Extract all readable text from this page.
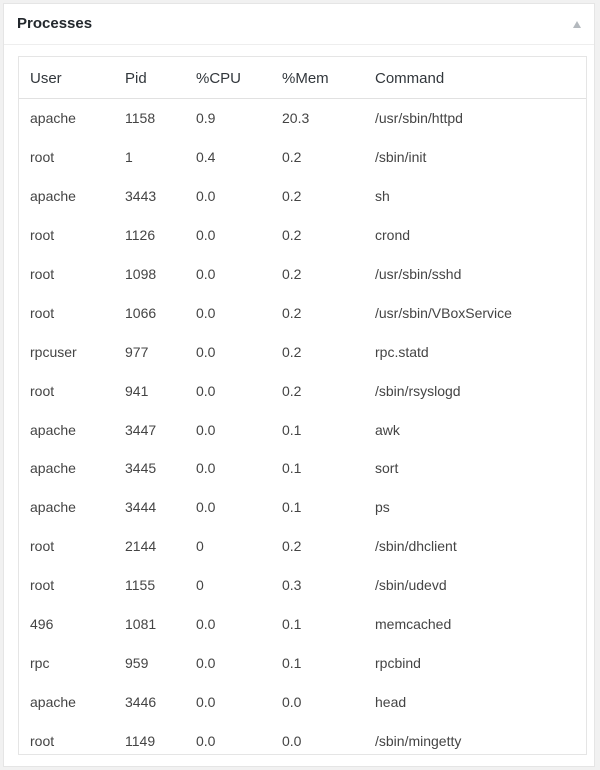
Processes
User	Pid	%CPU	%Mem	Command
apache	1158	0.9	20.3	/usr/sbin/httpd
root	1	0.4	0.2	/sbin/init
apache	3443	0.0	0.2	sh
root	1126	0.0	0.2	crond
root	1098	0.0	0.2	/usr/sbin/sshd
root	1066	0.0	0.2	/usr/sbin/VBoxService
rpcuser	977	0.0	0.2	rpc.statd
root	941	0.0	0.2	/sbin/rsyslogd
apache	3447	0.0	0.1	awk
apache	3445	0.0	0.1	sort
apache	3444	0.0	0.1	ps
root	2144	0	0.2	/sbin/dhclient
root	1155	0	0.3	/sbin/udevd
496	1081	0.0	0.1	memcached
rpc	959	0.0	0.1	rpcbind
apache	3446	0.0	0.0	head
root	1149	0.0	0.0	/sbin/mingetty
